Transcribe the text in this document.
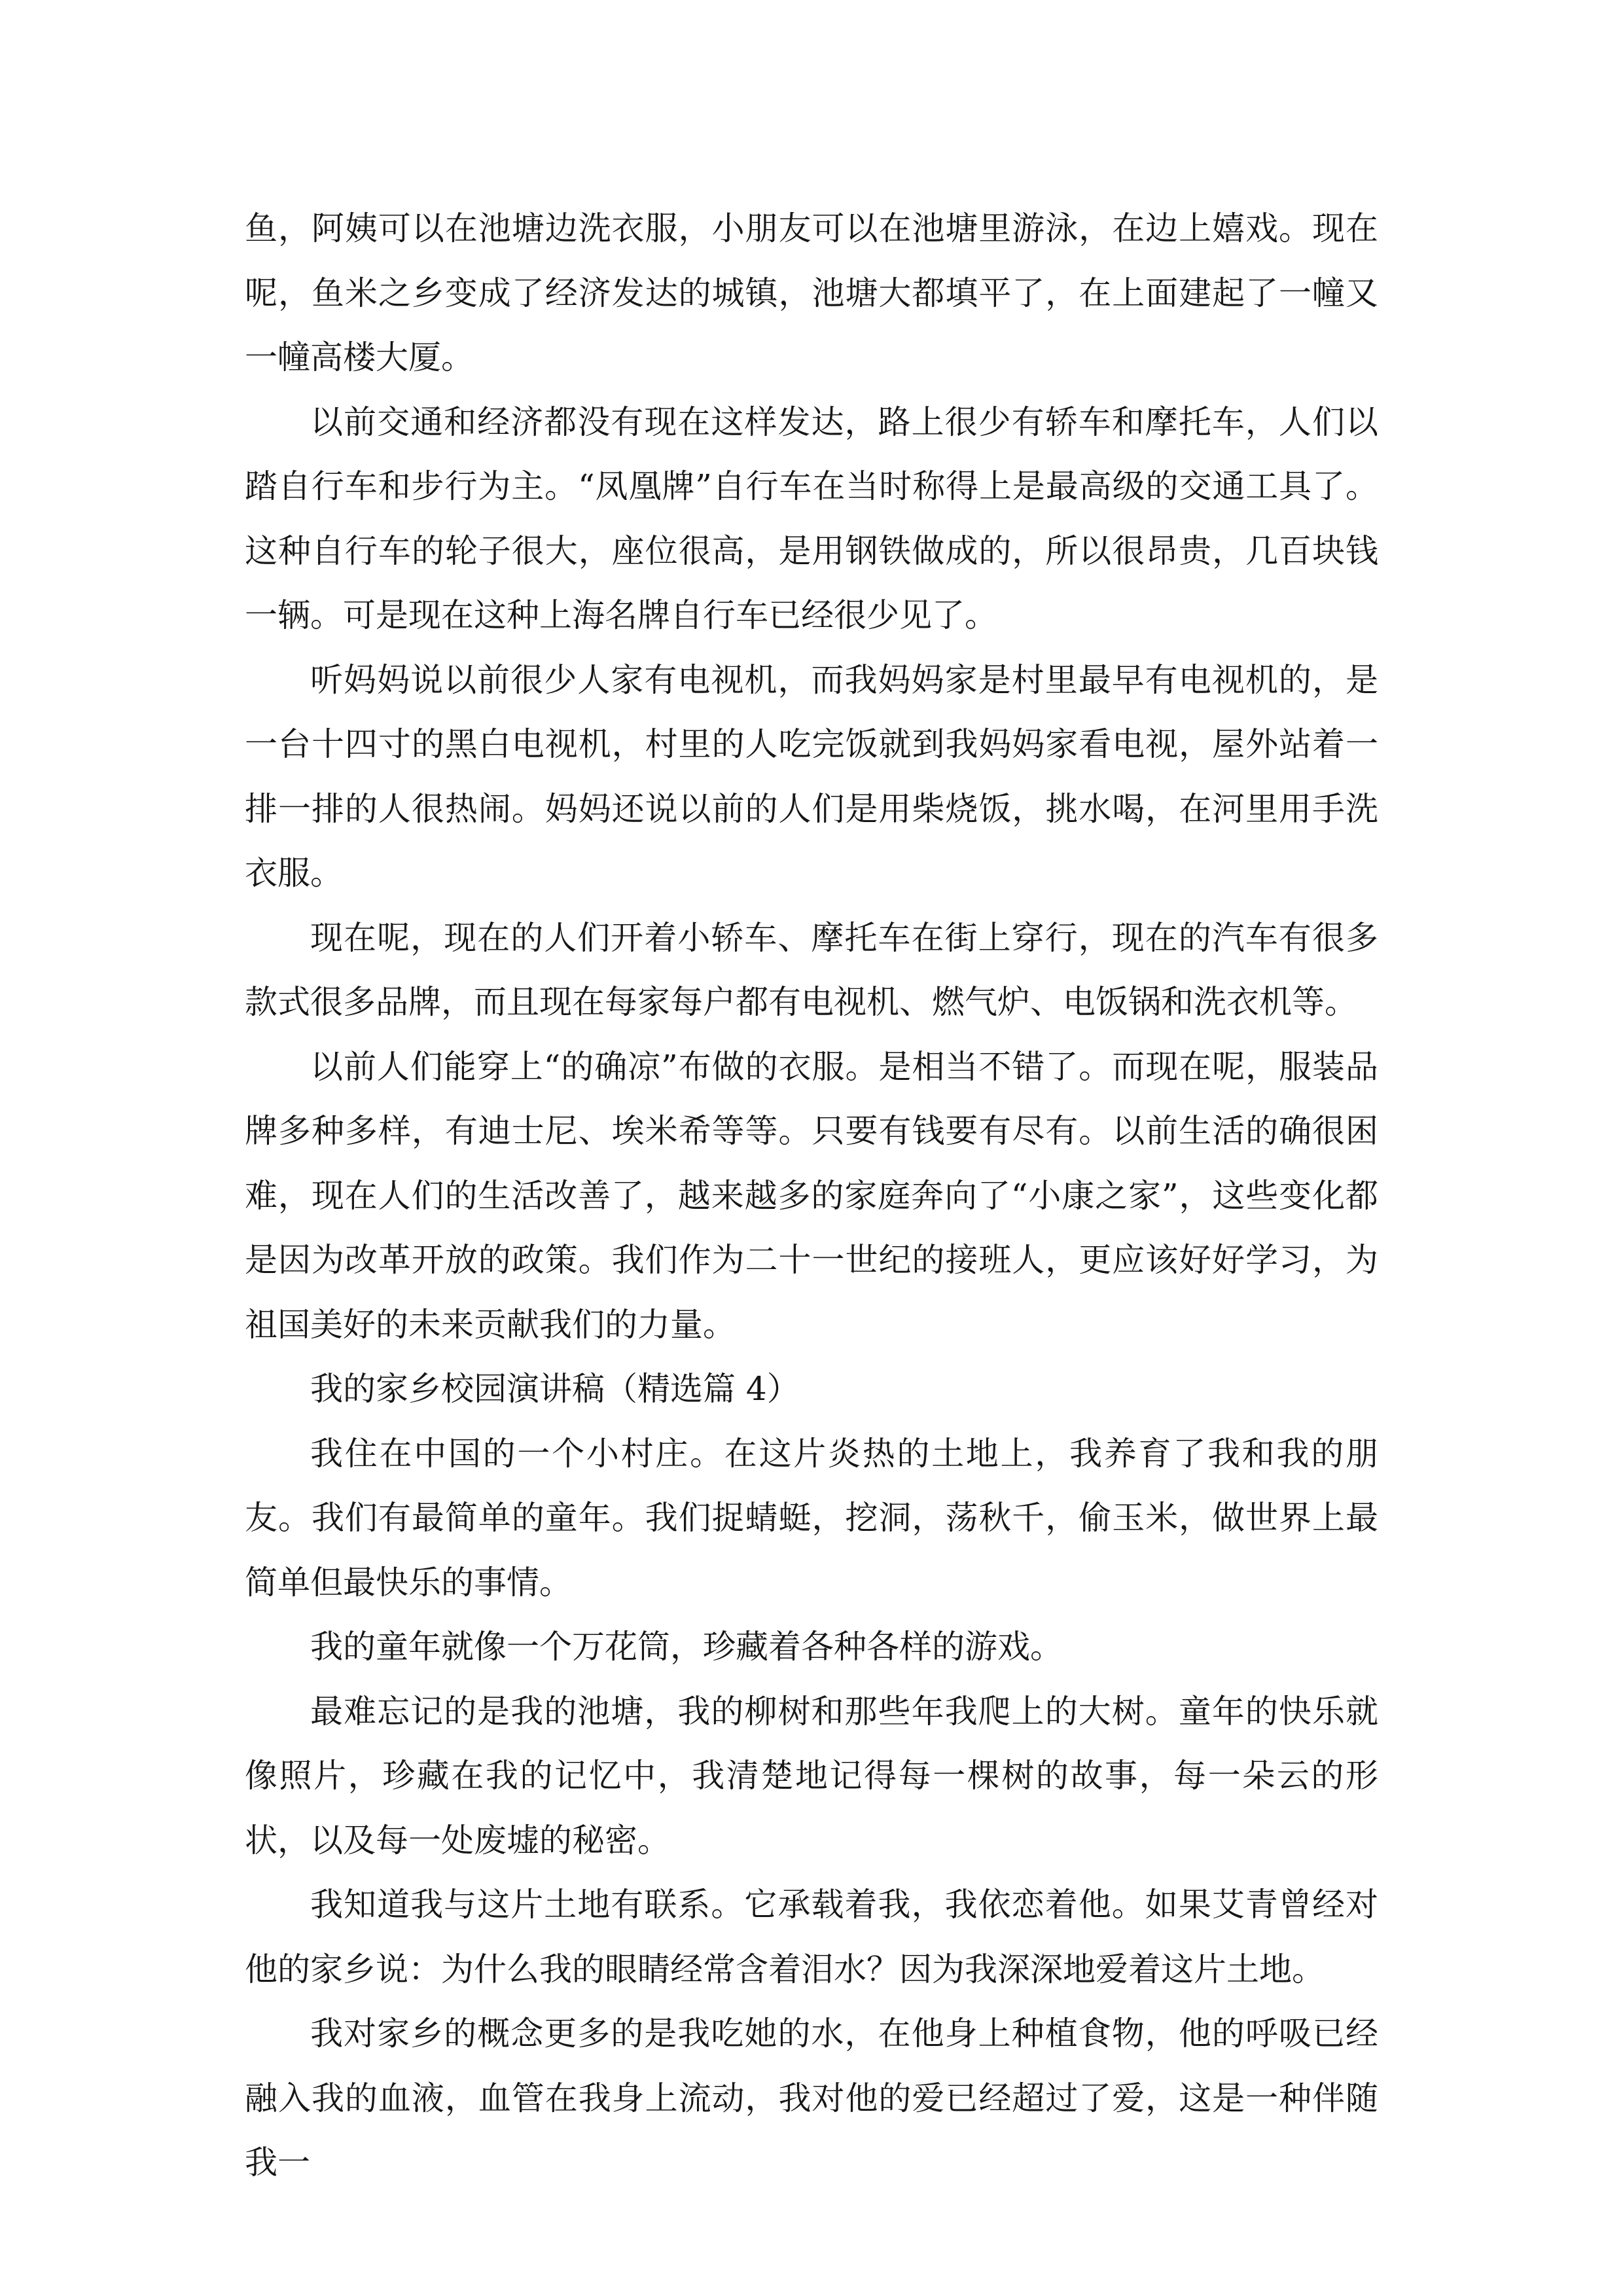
鱼，阿姨可以在池塘边洗衣服，小朋友可以在池塘里游泳，在边上嬉戏。现在呢，鱼米之乡变成了经济发达的城镇，池塘大都填平了，在上面建起了一幢又一幢高楼大厦。

以前交通和经济都没有现在这样发达，路上很少有轿车和摩托车，人们以踏自行车和步行为主。“凤凰牌”自行车在当时称得上是最高级的交通工具了。这种自行车的轮子很大，座位很高，是用钢铁做成的，所以很昂贵，几百块钱一辆。可是现在这种上海名牌自行车已经很少见了。

听妈妈说以前很少人家有电视机，而我妈妈家是村里最早有电视机的，是一台十四寸的黑白电视机，村里的人吃完饭就到我妈妈家看电视，屋外站着一排一排的人很热闹。妈妈还说以前的人们是用柴烧饭，挑水喝，在河里用手洗衣服。

现在呢，现在的人们开着小轿车、摩托车在街上穿行，现在的汽车有很多款式很多品牌，而且现在每家每户都有电视机、燃气炉、电饭锅和洗衣机等。

以前人们能穿上“的确凉”布做的衣服。是相当不错了。而现在呢，服装品牌多种多样，有迪士尼、埃米希等等。只要有钱要有尽有。以前生活的确很困难，现在人们的生活改善了，越来越多的家庭奔向了“小康之家”，这些变化都是因为改革开放的政策。我们作为二十一世纪的接班人，更应该好好学习，为祖国美好的未来贡献我们的力量。

我的家乡校园演讲稿（精选篇 4）

我住在中国的一个小村庄。在这片炎热的土地上，我养育了我和我的朋友。我们有最简单的童年。我们捉蜻蜓，挖洞，荡秋千，偷玉米，做世界上最简单但最快乐的事情。

我的童年就像一个万花筒，珍藏着各种各样的游戏。

最难忘记的是我的池塘，我的柳树和那些年我爬上的大树。童年的快乐就像照片，珍藏在我的记忆中，我清楚地记得每一棵树的故事，每一朵云的形状，以及每一处废墟的秘密。

我知道我与这片土地有联系。它承载着我，我依恋着他。如果艾青曾经对他的家乡说：为什么我的眼睛经常含着泪水？因为我深深地爱着这片土地。

我对家乡的概念更多的是我吃她的水，在他身上种植食物，他的呼吸已经融入我的血液，血管在我身上流动，我对他的爱已经超过了爱，这是一种伴随我一
